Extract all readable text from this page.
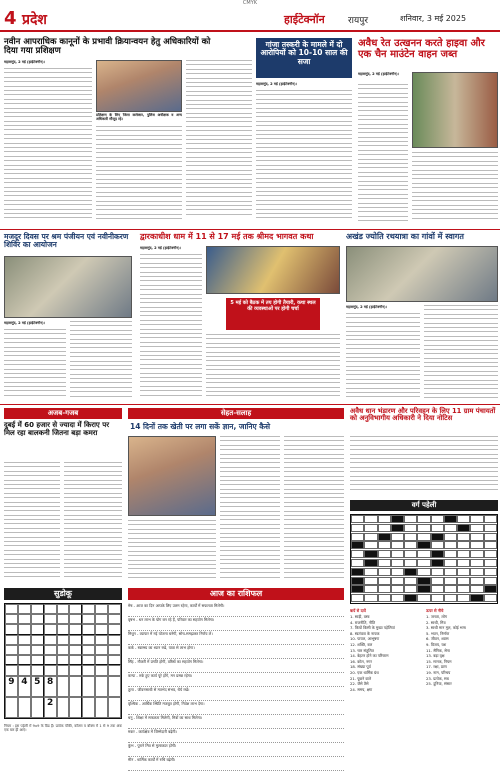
CMYK
4 प्रदेश	हाईटेक्नॉन	रायपुर	शनिवार, 3 मई 2025
नवीन आपराधिक कानूनों के प्रभावी क्रियान्वयन हेतु अधिकारियों को दिया गया प्रशिक्षण
महासमुंद, 2 मई (हाईटेक्नॉन)।
प्रशिक्षण के लिए जिला कलेक्टर, पुलिस अधीक्षक व अन्य अधिकारी मौजूद रहे।
गांजा तस्करी के मामले में दो आरोपियों को 10-10 साल की सजा
महासमुंद, 2 मई (हाईटेक्नॉन)।
अवैध रेत उत्खनन करते हाइवा और एक चैन माउंटेन वाहन जब्त
महासमुंद, 2 मई (हाईटेक्नॉन)।
मजदूर दिवस पर श्रम पंजीयन एवं नवीनीकरण शिविर का आयोजन
महासमुंद, 2 मई (हाईटेक्नॉन)।
द्वारकाधीश धाम में 11 से 17 मई तक श्रीमद भागवत कथा
महासमुंद, 2 मई (हाईटेक्नॉन)।
5 मई को बैठक में तय होगी तैयारी, कथा स्थल की व्यवस्थाओं पर होगी चर्चा
अखंड ज्योति रथयात्रा का गांवों में स्वागत
महासमुंद, 2 मई (हाईटेक्नॉन)।
अजब-गजब
दुबई में 60 हजार से ज्यादा में किराए पर मिल रहा बालकनी जितना बड़ा कमरा
सेहत-सलाह
14 दिनों तक खेती पर लगा सकें ज्ञान, जानिए कैसे
अवैध धान भंडारण और परिवहन के लिए 11 ग्राम पंचायतों को अनुविभागीय अधिकारी ने दिया नोटिस
वर्ग पहेली
बायें से दायें
1. साड़ी, वस्त्र
4. राजनीति, नीति
7. कियों किसी के मुख्य पहेलियां
8. स्वतंत्रता के नायक
10. पायल, आभूषण
12. शक्ति, बल
13. चार संतुलित
14. बेहतर होने का परिणाम
16. कोल, नगर
18. संख्या पूर्व
20. एक धार्मिक ग्रंथ
21. पूछने वाले
22. जैसे तैसे
24. समय, क्षण
ऊपर से नीचे
1. जनता, लोग
2. साथी, मित्र
3. साथी मान मूल, कोई भाष
5. भवन, निर्माण
6. जीवन, श्वास
9. विजय, यश
11. सैनिक, सेना
13. बड़ा वृक्ष
15. मानक, नियम
17. रक्षा, प्राण
19. नाम, परिचय
23. प्रत्येक, सब
25. दुनिया, संसार
सुडोकू
9 4 5 8
2
नियम : इस पहेली में 9x9 के ग्रिड हैं। प्रत्येक पंक्ति, कॉलम व बॉक्स में 1 से 9 तक अंक एक बार ही आएं।
आज का राशिफल
मेष - आज का दिन आपके लिए उत्तम रहेगा, कार्यों में सफलता मिलेगी।
वृषभ - धन लाभ के योग बन रहे हैं, परिवार का सहयोग मिलेगा।
मिथुन - व्यापार में नई योजना बनेगी, सोच-समझकर निर्णय लें।
कर्क - स्वास्थ्य का ध्यान रखें, यात्रा से लाभ होगा।
सिंह - नौकरी में प्रगति होगी, वरिष्ठों का सहयोग मिलेगा।
कन्या - रुके हुए कार्य पूरे होंगे, मन प्रसन्न रहेगा।
तुला - जीवनसाथी से मतभेद संभव, धैर्य रखें।
वृश्चिक - आर्थिक स्थिति मजबूत होगी, निवेश लाभ देगा।
धनु - शिक्षा में सफलता मिलेगी, मित्रों का साथ मिलेगा।
मकर - कार्यक्षेत्र में जिम्मेदारी बढ़ेगी।
कुंभ - पुराने मित्र से मुलाकात होगी।
मीन - धार्मिक कार्यों में रुचि बढ़ेगी।
